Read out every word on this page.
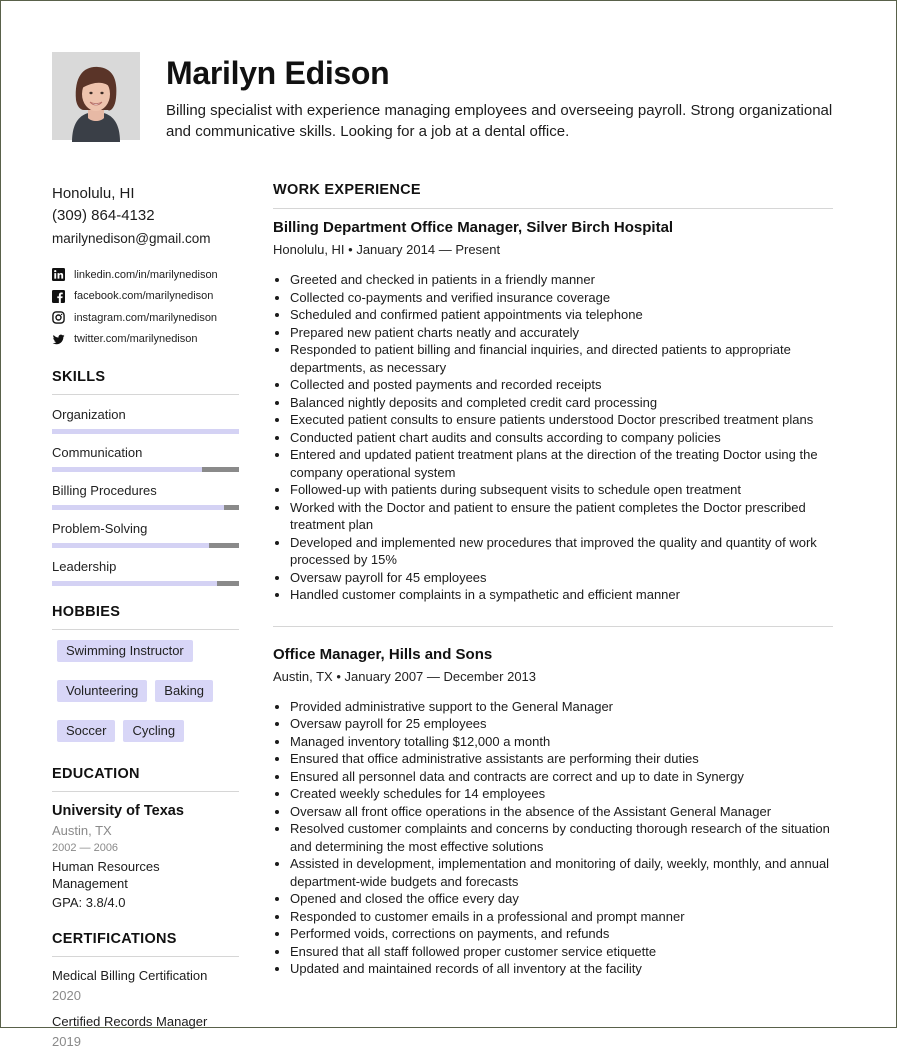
Marilyn Edison
Billing specialist with experience managing employees and overseeing payroll. Strong organizational and communicative skills. Looking for a job at a dental office.
Honolulu, HI
(309) 864-4132
marilynedison@gmail.com
linkedin.com/in/marilynedison
facebook.com/marilynedison
instagram.com/marilynedison
twitter.com/marilynedison
SKILLS
Organization
Communication
Billing Procedures
Problem-Solving
Leadership
HOBBIES
Swimming Instructor
Volunteering	Baking
Soccer	Cycling
EDUCATION
University of Texas
Austin, TX
2002 — 2006
Human Resources Management
GPA: 3.8/4.0
CERTIFICATIONS
Medical Billing Certification
2020
Certified Records Manager
2019
WORK EXPERIENCE
Billing Department Office Manager, Silver Birch Hospital
Honolulu, HI • January 2014 — Present
• Greeted and checked in patients in a friendly manner
• Collected co-payments and verified insurance coverage
• Scheduled and confirmed patient appointments via telephone
• Prepared new patient charts neatly and accurately
• Responded to patient billing and financial inquiries, and directed patients to appropriate departments, as necessary
• Collected and posted payments and recorded receipts
• Balanced nightly deposits and completed credit card processing
• Executed patient consults to ensure patients understood Doctor prescribed treatment plans
• Conducted patient chart audits and consults according to company policies
• Entered and updated patient treatment plans at the direction of the treating Doctor using the company operational system
• Followed-up with patients during subsequent visits to schedule open treatment
• Worked with the Doctor and patient to ensure the patient completes the Doctor prescribed treatment plan
• Developed and implemented new procedures that improved the quality and quantity of work processed by 15%
• Oversaw payroll for 45 employees
• Handled customer complaints in a sympathetic and efficient manner
Office Manager, Hills and Sons
Austin, TX • January 2007 — December 2013
• Provided administrative support to the General Manager
• Oversaw payroll for 25 employees
• Managed inventory totalling $12,000 a month
• Ensured that office administrative assistants are performing their duties
• Ensured all personnel data and contracts are correct and up to date in Synergy
• Created weekly schedules for 14 employees
• Oversaw all front office operations in the absence of the Assistant General Manager
• Resolved customer complaints and concerns by conducting thorough research of the situation and determining the most effective solutions
• Assisted in development, implementation and monitoring of daily, weekly, monthly, and annual department-wide budgets and forecasts
• Opened and closed the office every day
• Responded to customer emails in a professional and prompt manner
• Performed voids, corrections on payments, and refunds
• Ensured that all staff followed proper customer service etiquette
• Updated and maintained records of all inventory at the facility
